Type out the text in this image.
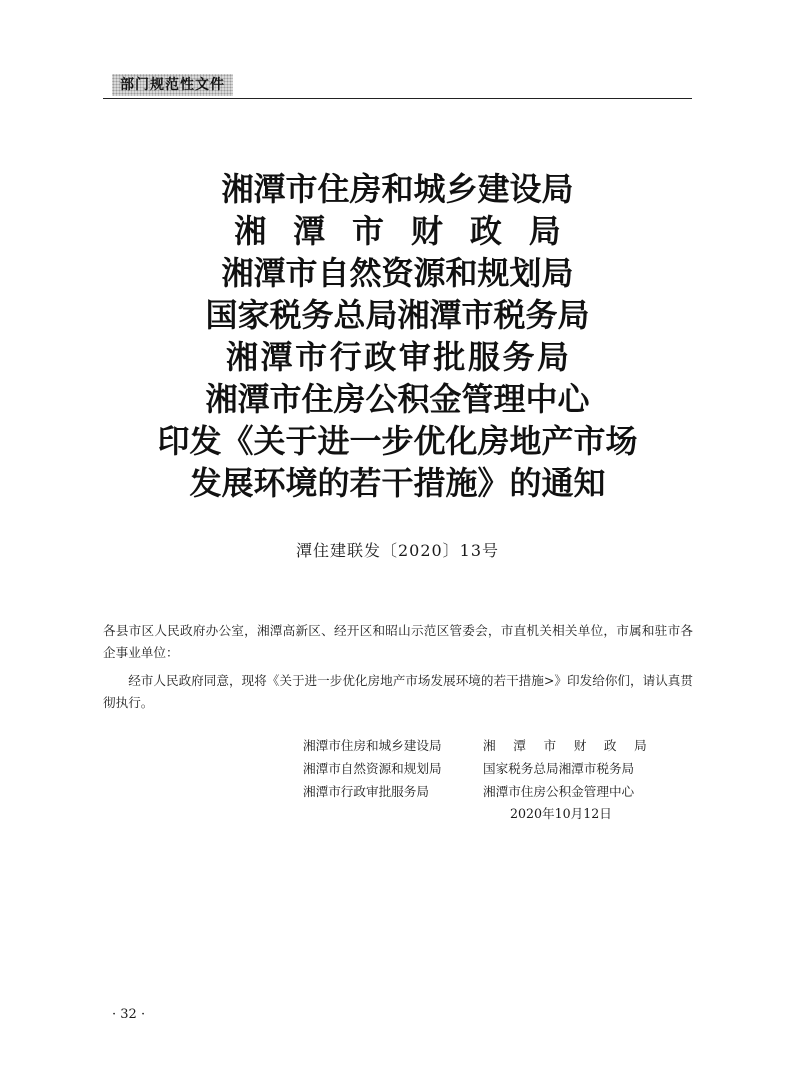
部门规范性文件
湘潭市住房和城乡建设局
湘潭市财政局
湘潭市自然资源和规划局
国家税务总局湘潭市税务局
湘潭市行政审批服务局
湘潭市住房公积金管理中心
印发《关于进一步优化房地产市场
发展环境的若干措施》的通知
潭住建联发〔2020〕13号

各县市区人民政府办公室，湘潭高新区、经开区和昭山示范区管委会，市直机关相关单位，市属和驻市各企事业单位：

经市人民政府同意，现将《关于进一步优化房地产市场发展环境的若干措施>》印发给你们，请认真贯彻执行。

湘潭市住房和城乡建设局	湘潭市财政局
湘潭市自然资源和规划局	国家税务总局湘潭市税务局
湘潭市行政审批服务局	湘潭市住房公积金管理中心
2020年10月12日
· 32 ·
